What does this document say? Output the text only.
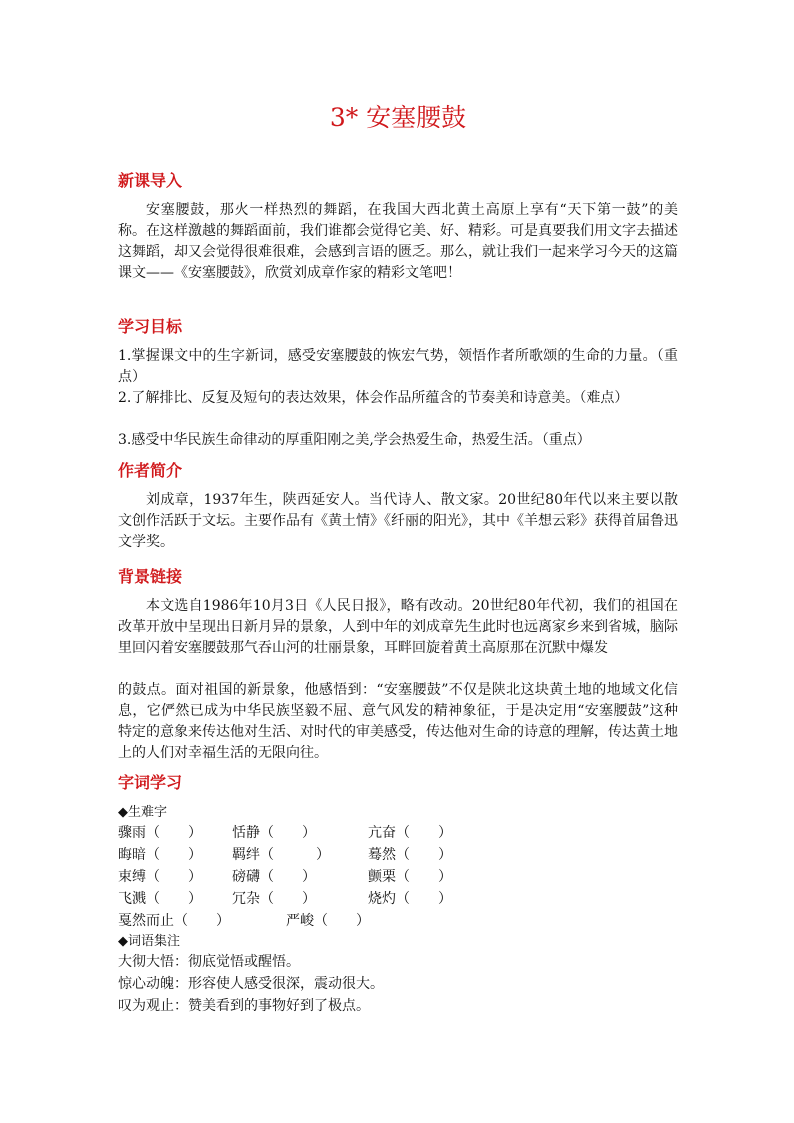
3* 安塞腰鼓
新课导入
安塞腰鼓，那火一样热烈的舞蹈，在我国大西北黄土高原上享有“天下第一鼓”的美称。在这样激越的舞蹈面前，我们谁都会觉得它美、好、精彩。可是真要我们用文字去描述这舞蹈，却又会觉得很难很难，会感到言语的匮乏。那么，就让我们一起来学习今天的这篇课文——《安塞腰鼓》，欣赏刘成章作家的精彩文笔吧！
学习目标
1.掌握课文中的生字新词，感受安塞腰鼓的恢宏气势，领悟作者所歌颂的生命的力量。（重点）
2.了解排比、反复及短句的表达效果，体会作品所蕴含的节奏美和诗意美。（难点）
3.感受中华民族生命律动的厚重阳刚之美,学会热爱生命，热爱生活。（重点）
作者简介
刘成章，1937年生，陕西延安人。当代诗人、散文家。20世纪80年代以来主要以散文创作活跃于文坛。主要作品有《黄土情》《纤丽的阳光》，其中《羊想云彩》获得首届鲁迅文学奖。
背景链接
本文选自1986年10月3日《人民日报》，略有改动。20世纪80年代初，我们的祖国在改革开放中呈现出日新月异的景象，人到中年的刘成章先生此时也远离家乡来到省城，脑际里回闪着安塞腰鼓那气吞山河的壮丽景象，耳畔回旋着黄土高原那在沉默中爆发
的鼓点。面对祖国的新景象，他感悟到：“安塞腰鼓”不仅是陕北这块黄土地的地域文化信息，它俨然已成为中华民族坚毅不屈、意气风发的精神象征，于是决定用“安塞腰鼓”这种特定的意象来传达他对生活、对时代的审美感受，传达他对生命的诗意的理解，传达黄土地上的人们对幸福生活的无限向往。
字词学习
◆生难字
骤雨（　　） 恬静（　　）	亢奋（　　）
晦暗（　　） 羁绊（　　　）	蓦然（　　）
束缚（　　） 磅礴（　　）	颤栗（　　）
飞溅（　　） 冗杂（　　）	烧灼（　　）
戛然而止（　　）	严峻（　　）
◆词语集注
大彻大悟：彻底觉悟或醒悟。
惊心动魄：形容使人感受很深，震动很大。
叹为观止：赞美看到的事物好到了极点。
